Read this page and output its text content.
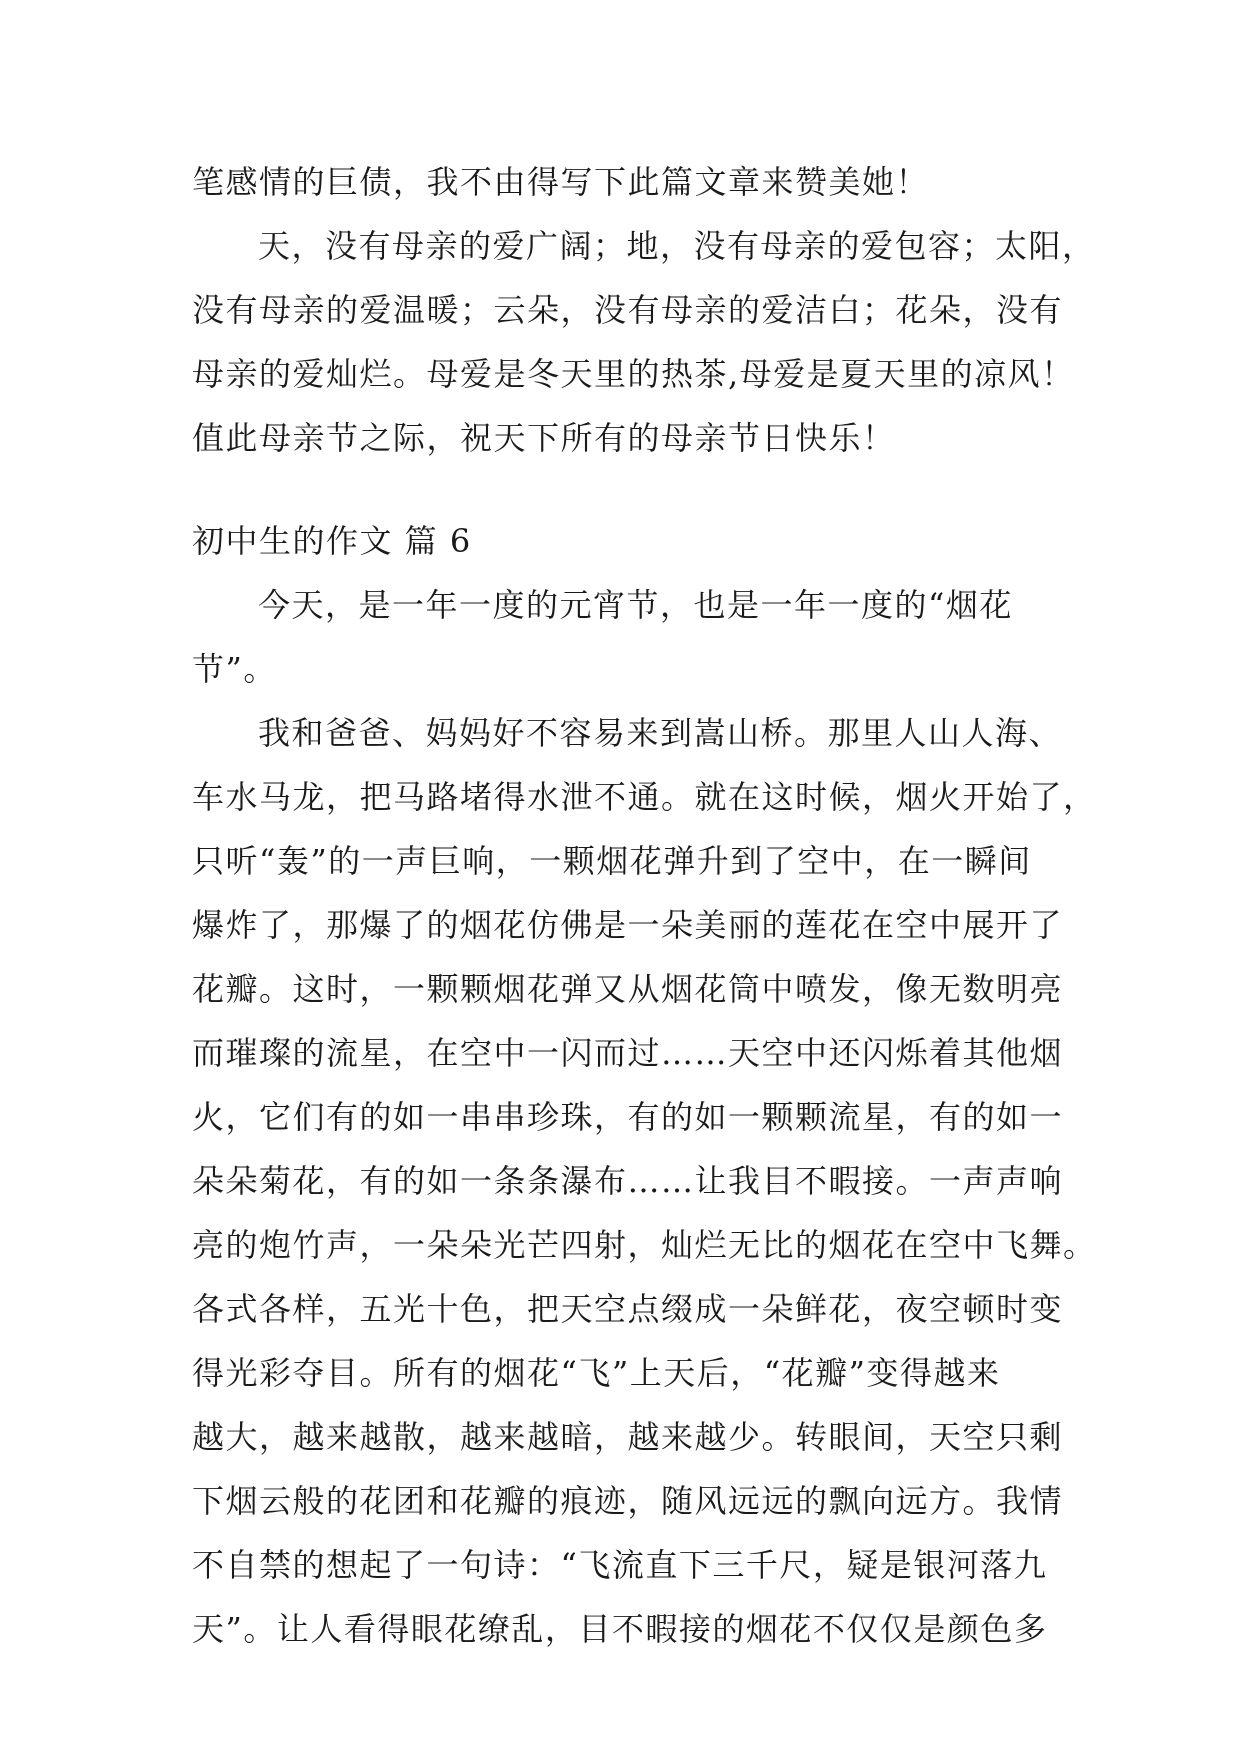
笔感情的巨债，我不由得写下此篇文章来赞美她！
天，没有母亲的爱广阔；地，没有母亲的爱包容；太阳，
没有母亲的爱温暖；云朵，没有母亲的爱洁白；花朵，没有
母亲的爱灿烂。母爱是冬天里的热茶,母爱是夏天里的凉风！
值此母亲节之际，祝天下所有的母亲节日快乐！
初中生的作文 篇 6
今天，是一年一度的元宵节，也是一年一度的“烟花
节”。
我和爸爸、妈妈好不容易来到嵩山桥。那里人山人海、
车水马龙，把马路堵得水泄不通。就在这时候，烟火开始了，
只听“轰”的一声巨响，一颗烟花弹升到了空中，在一瞬间
爆炸了，那爆了的烟花仿佛是一朵美丽的莲花在空中展开了
花瓣。这时，一颗颗烟花弹又从烟花筒中喷发，像无数明亮
而璀璨的流星，在空中一闪而过……天空中还闪烁着其他烟
火，它们有的如一串串珍珠，有的如一颗颗流星，有的如一
朵朵菊花，有的如一条条瀑布……让我目不暇接。一声声响
亮的炮竹声，一朵朵光芒四射，灿烂无比的烟花在空中飞舞。
各式各样，五光十色，把天空点缀成一朵鲜花，夜空顿时变
得光彩夺目。所有的烟花“飞”上天后，“花瓣”变得越来
越大，越来越散，越来越暗，越来越少。转眼间，天空只剩
下烟云般的花团和花瓣的痕迹，随风远远的飘向远方。我情
不自禁的想起了一句诗：“飞流直下三千尺，疑是银河落九
天”。让人看得眼花缭乱，目不暇接的烟花不仅仅是颜色多
